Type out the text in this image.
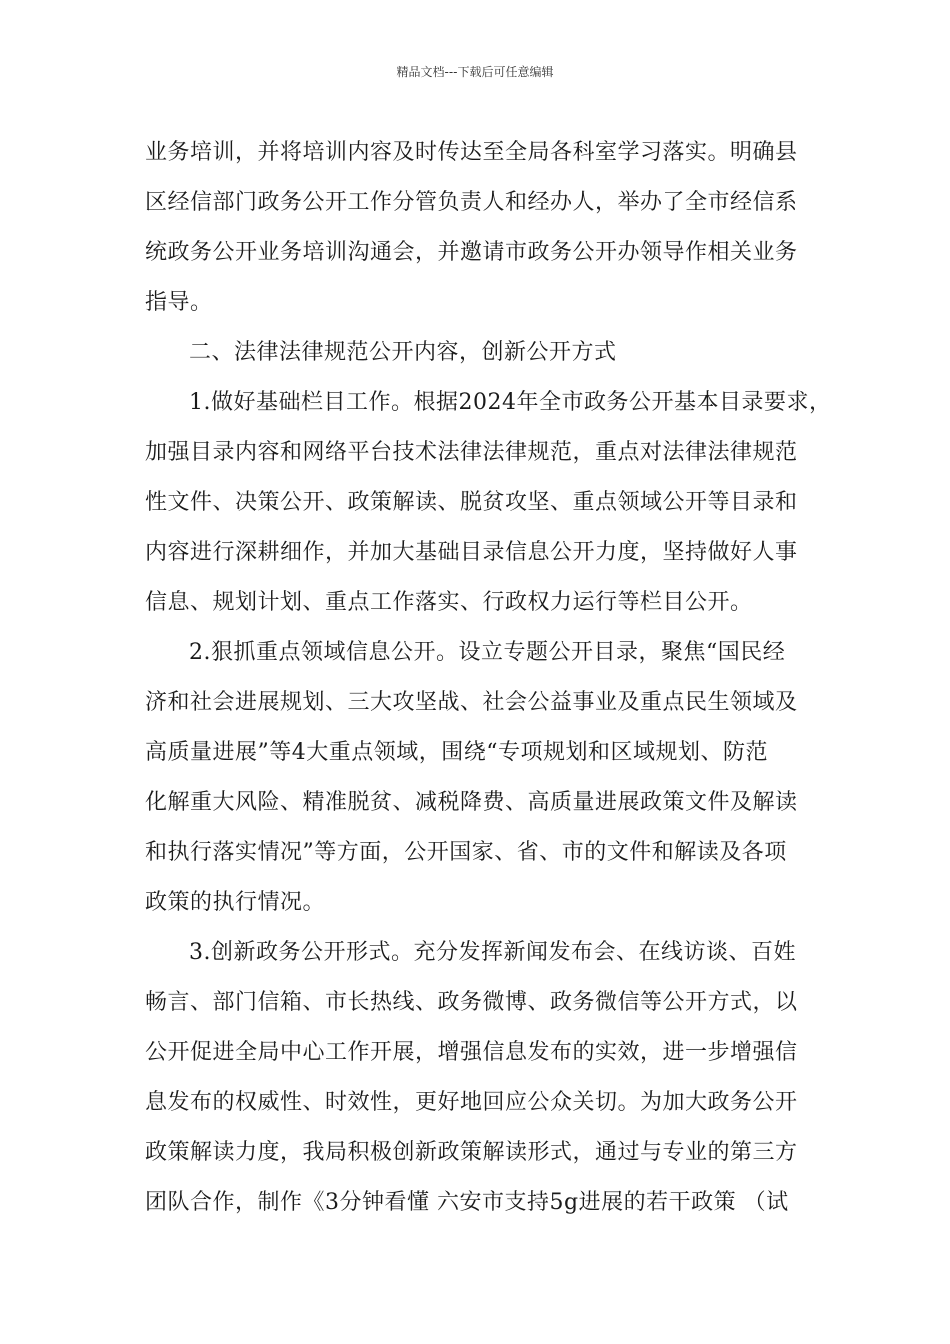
精品文档---下载后可任意编辑
业务培训，并将培训内容及时传达至全局各科室学习落实。明确县
区经信部门政务公开工作分管负责人和经办人，举办了全市经信系
统政务公开业务培训沟通会，并邀请市政务公开办领导作相关业务
指导。
二、法律法律规范公开内容，创新公开方式
1.做好基础栏目工作。根据2024年全市政务公开基本目录要求，
加强目录内容和网络平台技术法律法律规范，重点对法律法律规范
性文件、决策公开、政策解读、脱贫攻坚、重点领域公开等目录和
内容进行深耕细作，并加大基础目录信息公开力度，坚持做好人事
信息、规划计划、重点工作落实、行政权力运行等栏目公开。
2.狠抓重点领域信息公开。设立专题公开目录，聚焦“国民经
济和社会进展规划、三大攻坚战、社会公益事业及重点民生领域及
高质量进展”等4大重点领域，围绕“专项规划和区域规划、防范
化解重大风险、精准脱贫、减税降费、高质量进展政策文件及解读
和执行落实情况”等方面，公开国家、省、市的文件和解读及各项
政策的执行情况。
3.创新政务公开形式。充分发挥新闻发布会、在线访谈、百姓
畅言、部门信箱、市长热线、政务微博、政务微信等公开方式，以
公开促进全局中心工作开展，增强信息发布的实效，进一步增强信
息发布的权威性、时效性，更好地回应公众关切。为加大政务公开
政策解读力度，我局积极创新政策解读形式，通过与专业的第三方
团队合作，制作《3分钟看懂 六安市支持5g进展的若干政策 （试
